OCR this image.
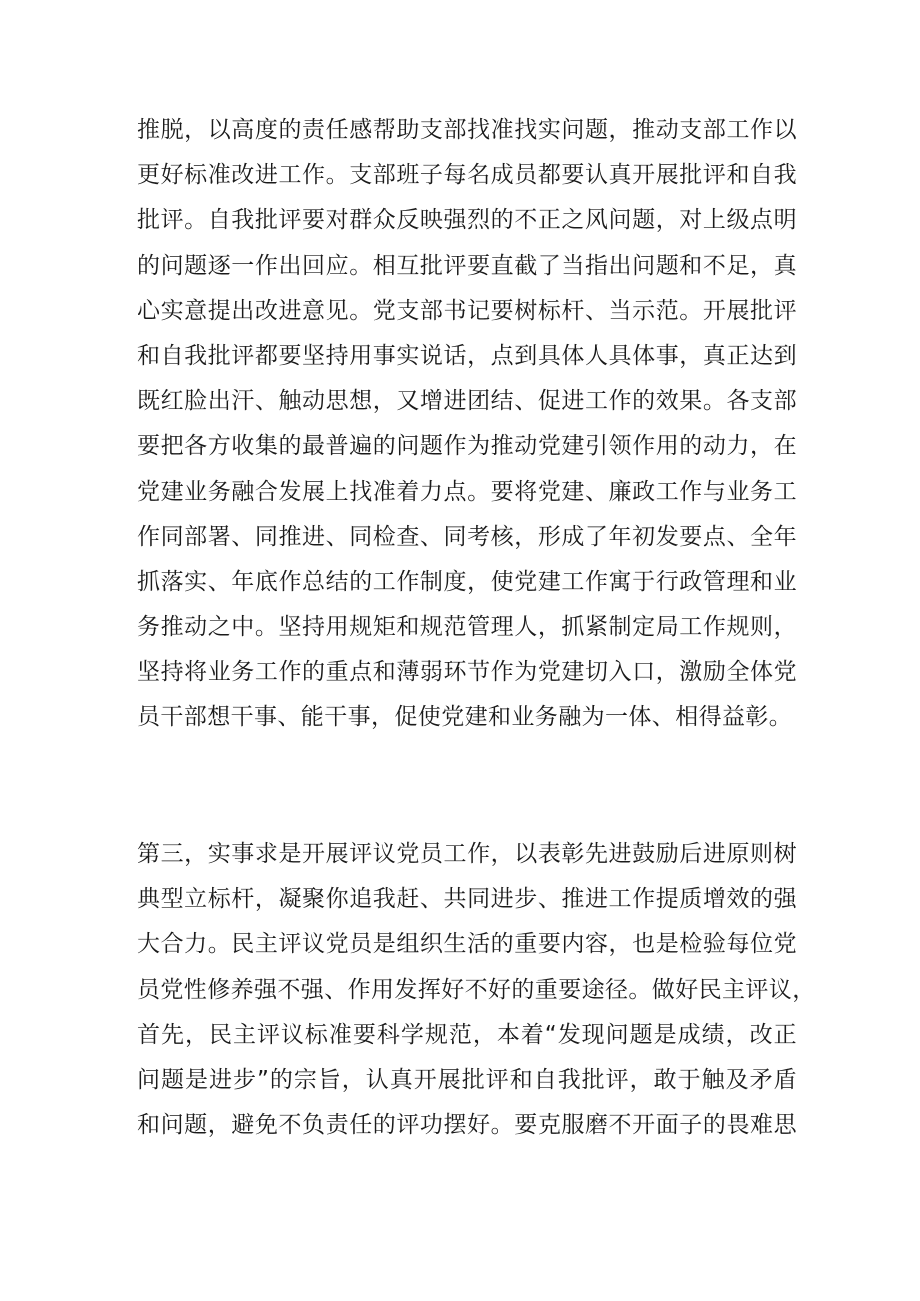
推脱，以高度的责任感帮助支部找准找实问题，推动支部工作以
更好标准改进工作。支部班子每名成员都要认真开展批评和自我
批评。自我批评要对群众反映强烈的不正之风问题，对上级点明
的问题逐一作出回应。相互批评要直截了当指出问题和不足，真
心实意提出改进意见。党支部书记要树标杆、当示范。开展批评
和自我批评都要坚持用事实说话，点到具体人具体事，真正达到
既红脸出汗、触动思想，又增进团结、促进工作的效果。各支部
要把各方收集的最普遍的问题作为推动党建引领作用的动力，在
党建业务融合发展上找准着力点。要将党建、廉政工作与业务工
作同部署、同推进、同检查、同考核，形成了年初发要点、全年
抓落实、年底作总结的工作制度，使党建工作寓于行政管理和业
务推动之中。坚持用规矩和规范管理人，抓紧制定局工作规则，
坚持将业务工作的重点和薄弱环节作为党建切入口，激励全体党
员干部想干事、能干事，促使党建和业务融为一体、相得益彰。
第三，实事求是开展评议党员工作，以表彰先进鼓励后进原则树
典型立标杆，凝聚你追我赶、共同进步、推进工作提质增效的强
大合力。民主评议党员是组织生活的重要内容，也是检验每位党
员党性修养强不强、作用发挥好不好的重要途径。做好民主评议，
首先，民主评议标准要科学规范，本着“发现问题是成绩，改正
问题是进步”的宗旨，认真开展批评和自我批评，敢于触及矛盾
和问题，避免不负责任的评功摆好。要克服磨不开面子的畏难思
